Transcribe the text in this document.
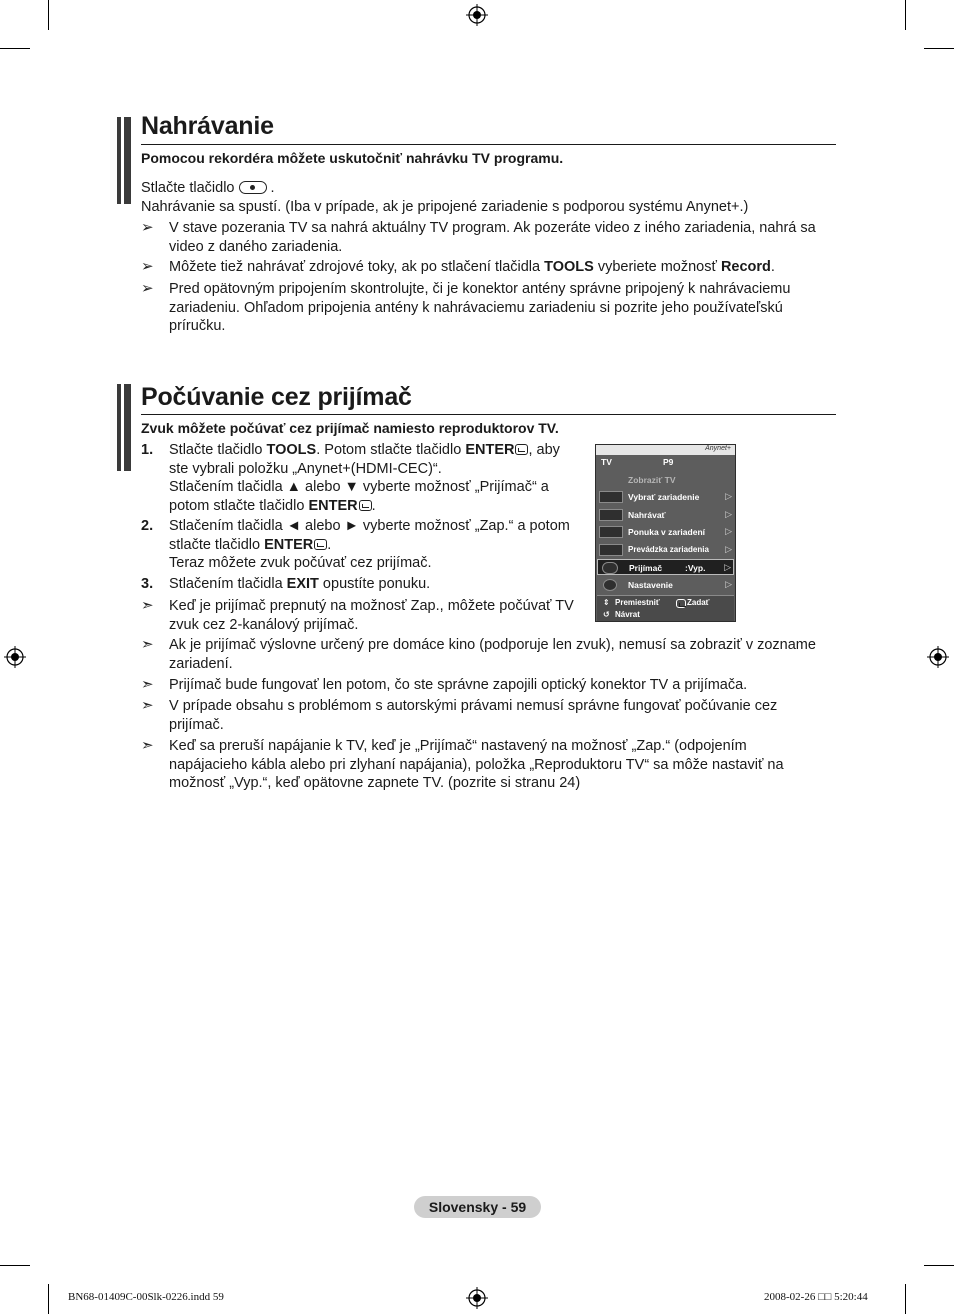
Nahrávanie

Pomocou rekordéra môžete uskutočniť nahrávku TV programu.

Stlačte tlačidlo .

Nahrávanie sa spustí. (Iba v prípade, ak je pripojené zariadenie s podporou systému Anynet+.)

➢ V stave pozerania TV sa nahrá aktuálny TV program. Ak pozeráte video z iného zariadenia, nahrá sa
video z daného zariadenia.
➢ Môžete tiež nahrávať zdrojové toky, ak po stlačení tlačidla TOOLS vyberiete možnosť Record.
➢ Pred opätovným pripojením skontrolujte, či je konektor antény správne pripojený k nahrávaciemu
zariadeniu. Ohľadom pripojenia antény k nahrávaciemu zariadeniu si pozrite jeho používateľskú
príručku.
Počúvanie cez prijímač

Zvuk môžete počúvať cez prijímač namiesto reproduktorov TV.

1. Stlačte tlačidlo TOOLS. Potom stlačte tlačidlo ENTER , aby
ste vybrali položku „Anynet+(HDMI-CEC)“.
Stlačením tlačidla ▲ alebo ▼ vyberte možnosť „Prijímač“ a
potom stlačte tlačidlo ENTER .
2. Stlačením tlačidla ◄ alebo ► vyberte možnosť „Zap.“ a potom
stlačte tlačidlo ENTER .
Teraz môžete zvuk počúvať cez prijímač.
3. Stlačením tlačidla EXIT opustíte ponuku.
➣ Keď je prijímač prepnutý na možnosť Zap., môžete počúvať TV
zvuk cez 2-kanálový prijímač.
➣ Ak je prijímač výslovne určený pre domáce kino (podporuje len zvuk), nemusí sa zobraziť v zozname
zariadení.
➣ Prijímač bude fungovať len potom, čo ste správne zapojili optický konektor TV a prijímača.
➣ V prípade obsahu s problémom s autorskými právami nemusí správne fungovať počúvanie cez
prijímač.
➣ Keď sa preruší napájanie k TV, keď je „Prijímač“ nastavený na možnosť „Zap.“ (odpojením
napájacieho kábla alebo pri zlyhaní napájania), položka „Reproduktoru TV“ sa môže nastaviť na
možnosť „Vyp.“, keď opätovne zapnete TV. (pozrite si stranu 24)
Anynet+
TV	P9
Zobraziť TV
Vybrať zariadenie	▷
Nahrávať	▷
Ponuka v zariadení ▷
Prevádzka zariadenia ▷
Prijímač	:Vyp. ▷
Nastavenie	▷
⇕ Premiestniť	Zadať
↺ Návrat
Slovensky - 59
BN68-01409C-00Slk-0226.indd 59	2008-02-26 □□ 5:20:44
